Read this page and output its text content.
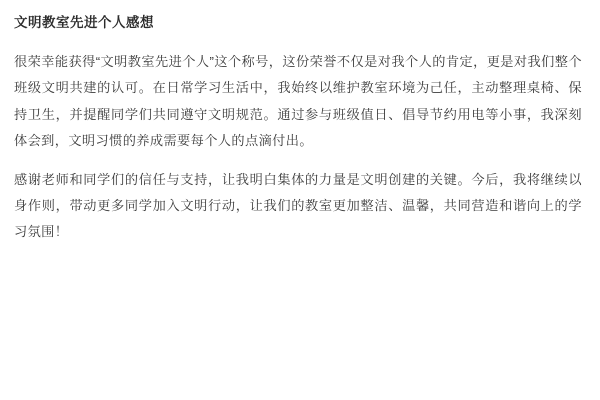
文明教室先进个人感想

很荣幸能获得“文明教室先进个人”这个称号，这份荣誉不仅是对我个人的肯定，更是对我们整个班级文明共建的认可。在日常学习生活中，我始终以维护教室环境为己任，主动整理桌椅、保持卫生，并提醒同学们共同遵守文明规范。通过参与班级值日、倡导节约用电等小事，我深刻体会到，文明习惯的养成需要每个人的点滴付出。

感谢老师和同学们的信任与支持，让我明白集体的力量是文明创建的关键。今后，我将继续以身作则，带动更多同学加入文明行动，让我们的教室更加整洁、温馨，共同营造和谐向上的学习氛围！
